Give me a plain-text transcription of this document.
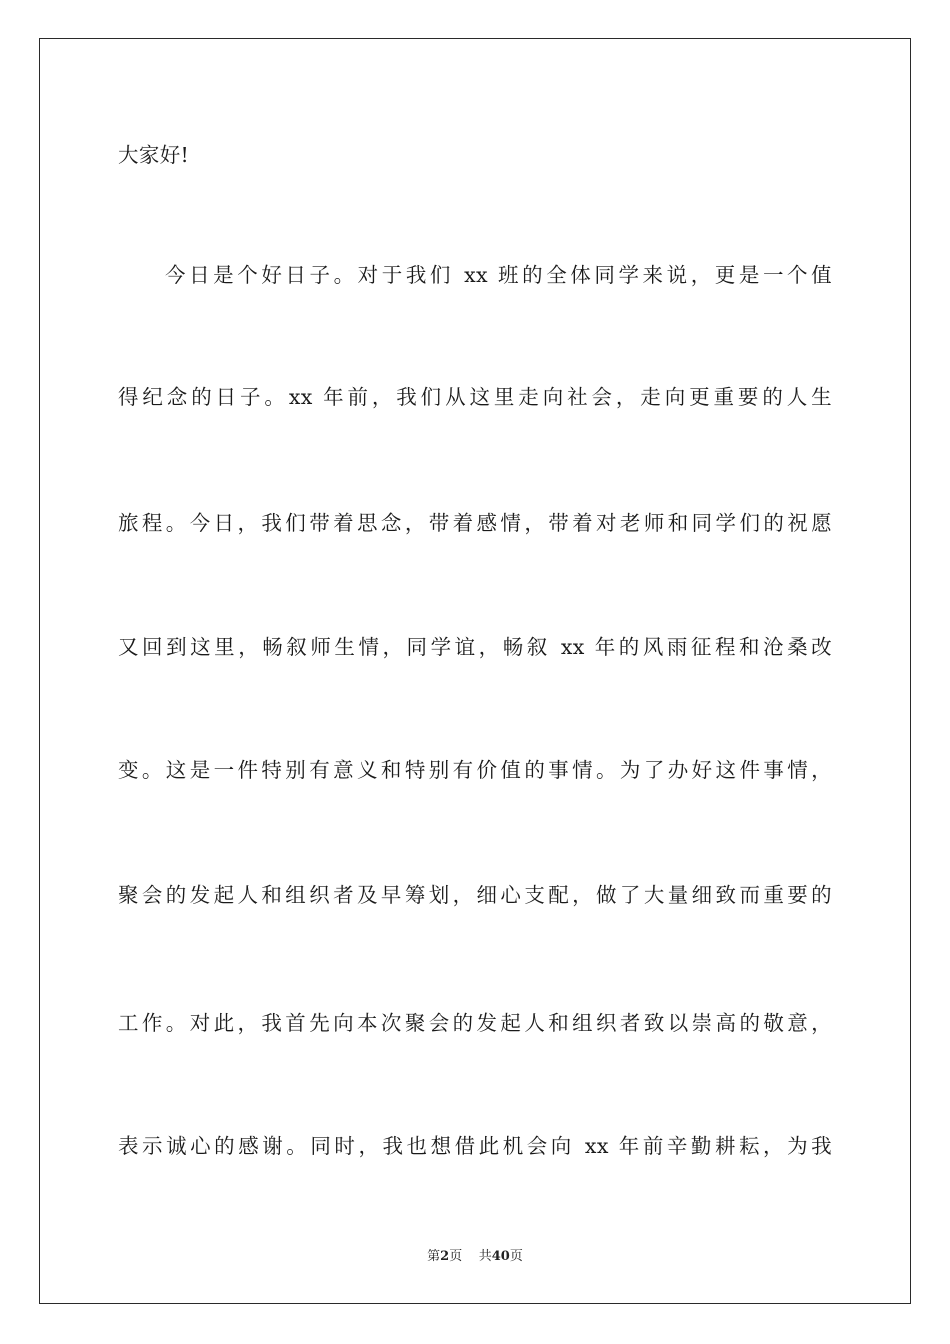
大家好!
今日是个好日子。对于我们 xx 班的全体同学来说，更是一个值
得纪念的日子。xx 年前，我们从这里走向社会，走向更重要的人生
旅程。今日，我们带着思念，带着感情，带着对老师和同学们的祝愿
又回到这里，畅叙师生情，同学谊，畅叙 xx 年的风雨征程和沧桑改
变。这是一件特别有意义和特别有价值的事情。为了办好这件事情，
聚会的发起人和组织者及早筹划，细心支配，做了大量细致而重要的
工作。对此，我首先向本次聚会的发起人和组织者致以崇高的敬意，
表示诚心的感谢。同时，我也想借此机会向 xx 年前辛勤耕耘，为我
第2页 共40页
